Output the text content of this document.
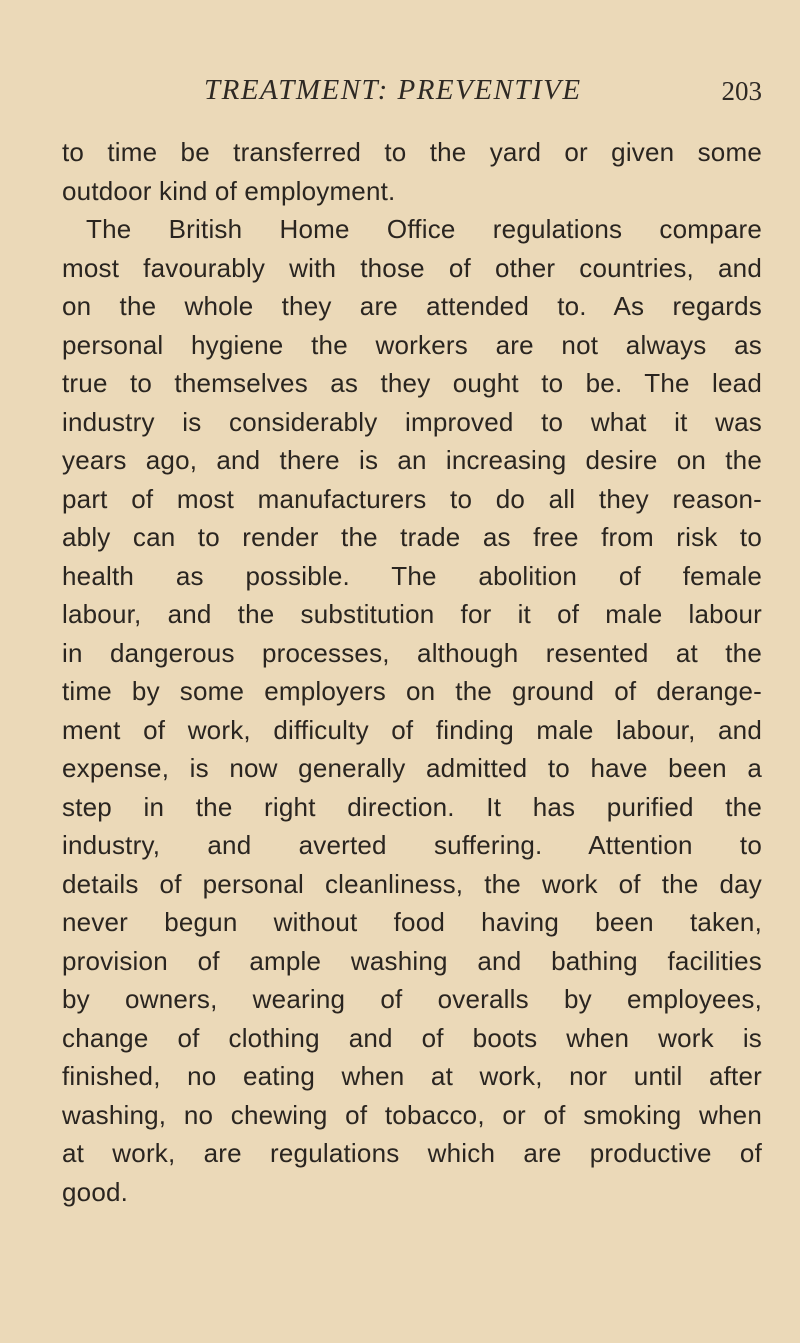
TREATMENT: PREVENTIVE	203
to time be transferred to the yard or given some
outdoor kind of employment.
The British Home Office regulations compare
most favourably with those of other countries, and
on the whole they are attended to. As regards
personal hygiene the workers are not always as
true to themselves as they ought to be. The lead
industry is considerably improved to what it was
years ago, and there is an increasing desire on the
part of most manufacturers to do all they reason-
ably can to render the trade as free from risk to
health as possible. The abolition of female
labour, and the substitution for it of male labour
in dangerous processes, although resented at the
time by some employers on the ground of derange-
ment of work, difficulty of finding male labour, and
expense, is now generally admitted to have been a
step in the right direction. It has purified the
industry, and averted suffering. Attention to
details of personal cleanliness, the work of the day
never begun without food having been taken,
provision of ample washing and bathing facilities
by owners, wearing of overalls by employees,
change of clothing and of boots when work is
finished, no eating when at work, nor until after
washing, no chewing of tobacco, or of smoking when
at work, are regulations which are productive of
good.
